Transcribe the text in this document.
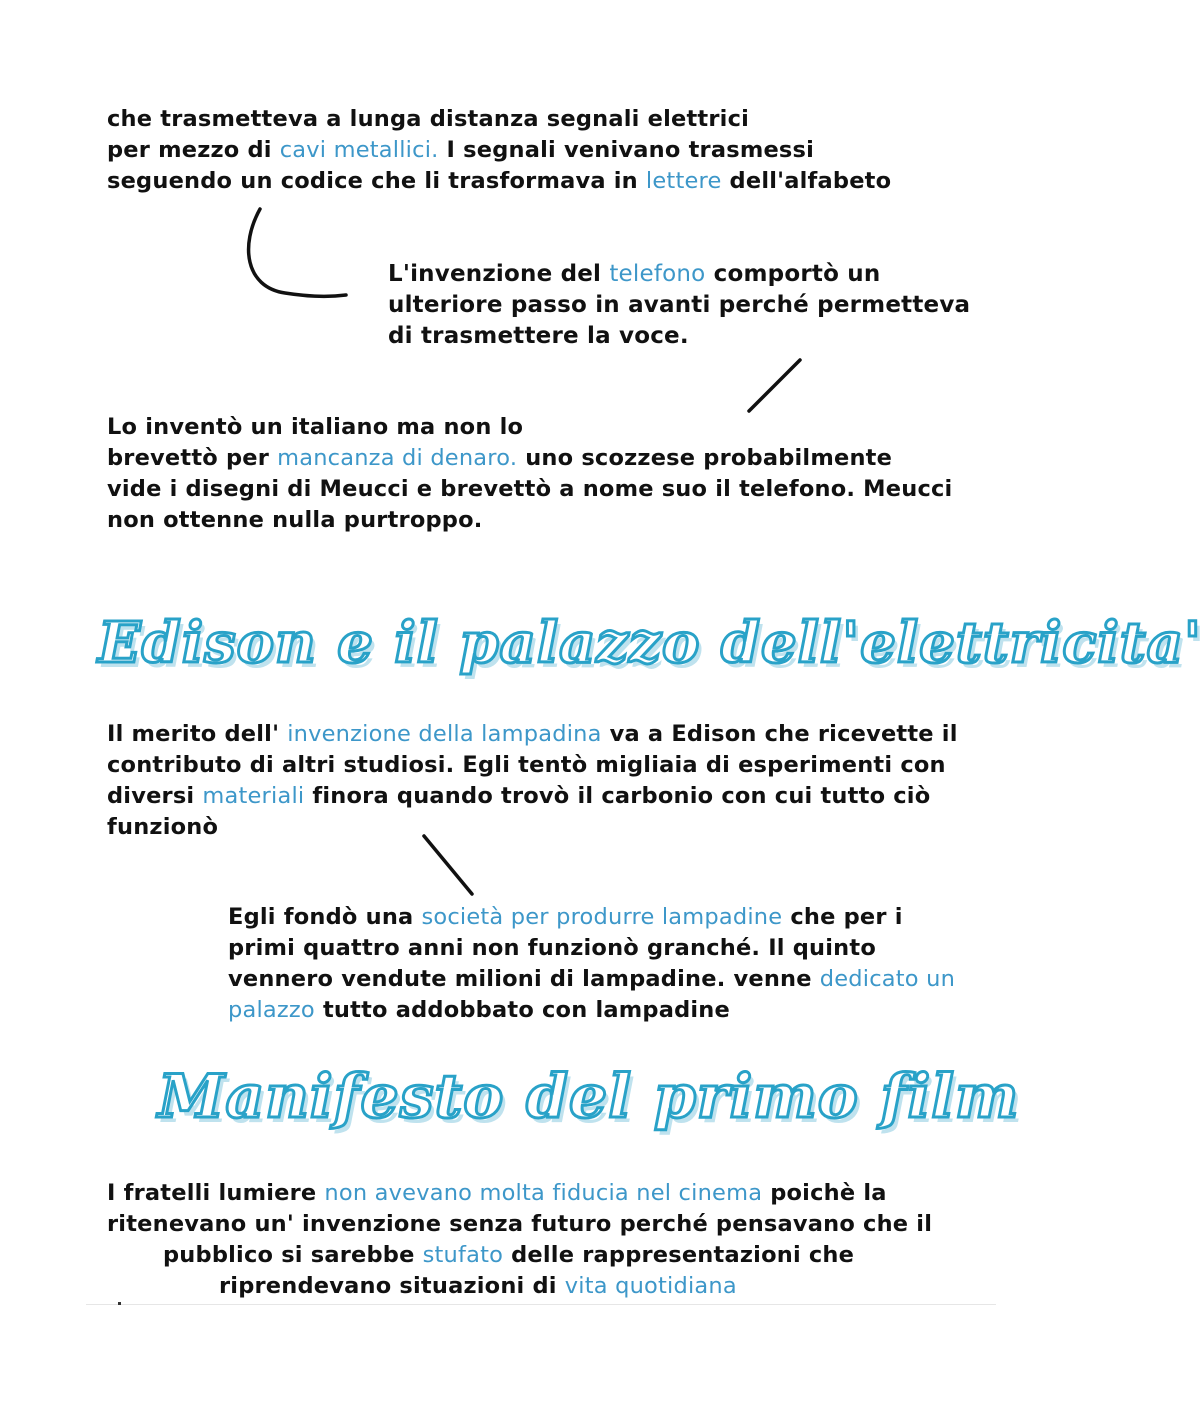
che trasmetteva a lunga distanza segnali elettrici
per mezzo di cavi metallici. I segnali venivano trasmessi
seguendo un codice che li trasformava in lettere dell'alfabeto
L'invenzione del telefono comportò un
ulteriore passo in avanti perché permetteva
di trasmettere la voce.
Lo inventò un italiano ma non lo
brevettò per mancanza di denaro. uno scozzese probabilmente
vide i disegni di Meucci e brevettò a nome suo il telefono. Meucci
non ottenne nulla purtroppo.
Edison e il palazzo dell'elettricita'
Il merito dell' invenzione della lampadina va a Edison che ricevette il
contributo di altri studiosi. Egli tentò migliaia di esperimenti con
diversi materiali finora quando trovò il carbonio con cui tutto ciò
funzionò
Egli fondò una società per produrre lampadine che per i
primi quattro anni non funzionò granché. Il quinto
vennero vendute milioni di lampadine. venne dedicato un
palazzo tutto addobbato con lampadine
Manifesto del primo film
I fratelli lumiere non avevano molta fiducia nel cinema poichè la
ritenevano un' invenzione senza futuro perché pensavano che il
pubblico si sarebbe stufato delle rappresentazioni che
riprendevano situazioni di vita quotidiana
